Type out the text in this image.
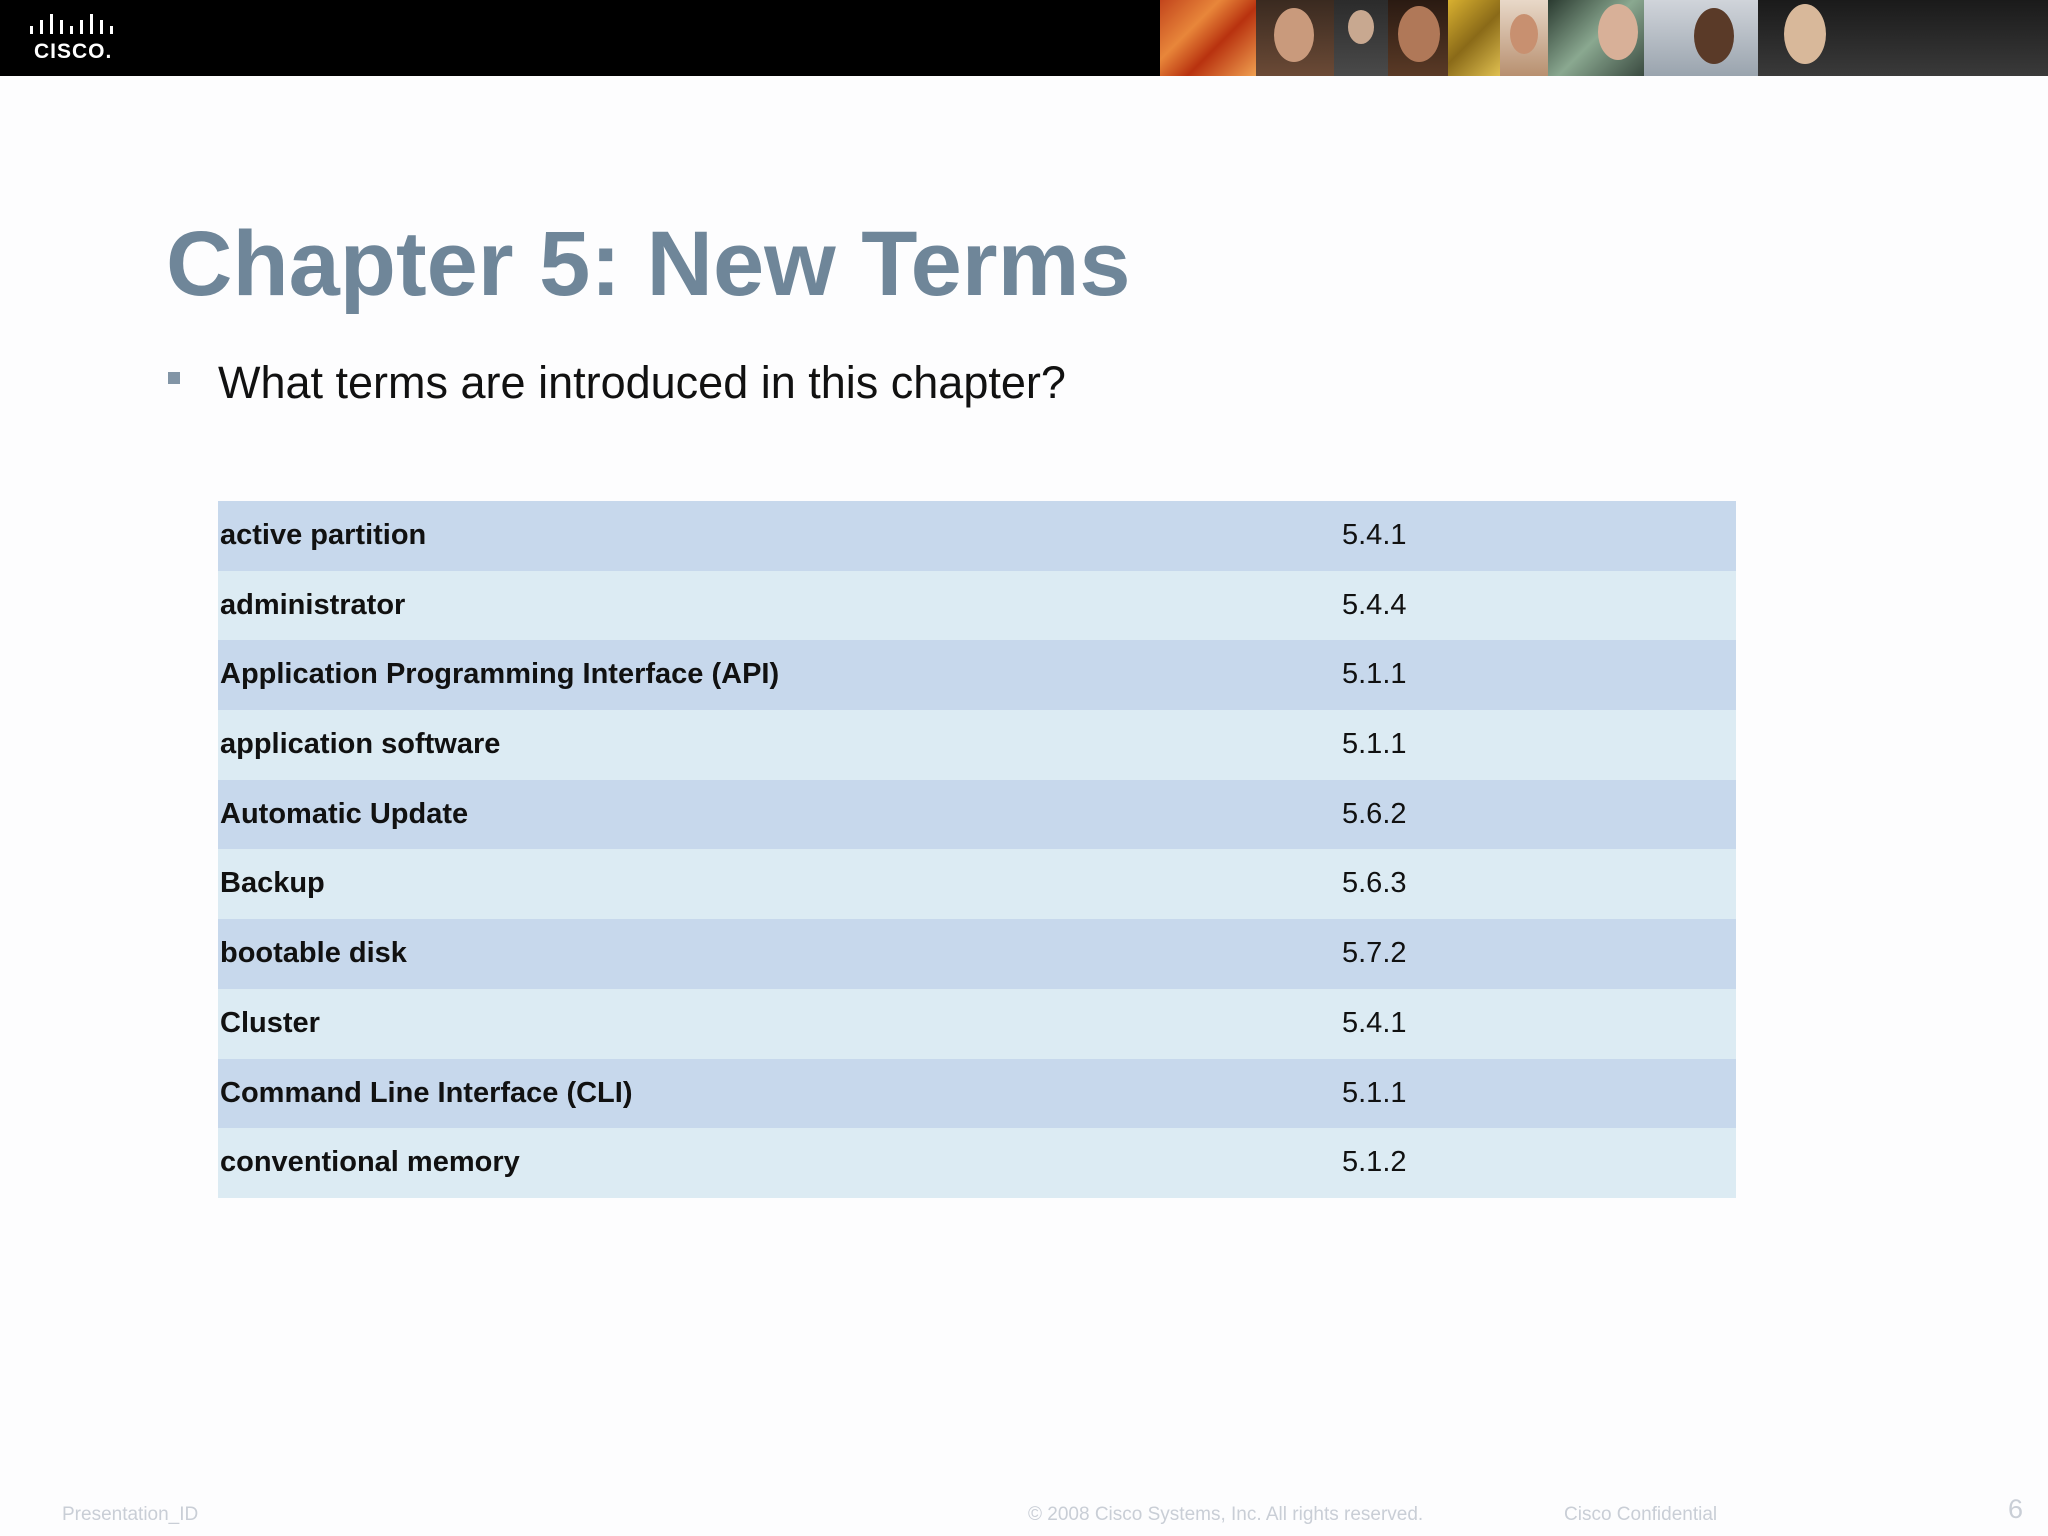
CISCO.
Chapter 5: New Terms
What terms are introduced in this chapter?
active partition	5.4.1
administrator	5.4.4
Application Programming Interface (API)	5.1.1
application software	5.1.1
Automatic Update	5.6.2
Backup	5.6.3
bootable disk	5.7.2
Cluster	5.4.1
Command Line Interface (CLI)	5.1.1
conventional memory	5.1.2
Presentation_ID	© 2008 Cisco Systems, Inc. All rights reserved.	Cisco Confidential	6
